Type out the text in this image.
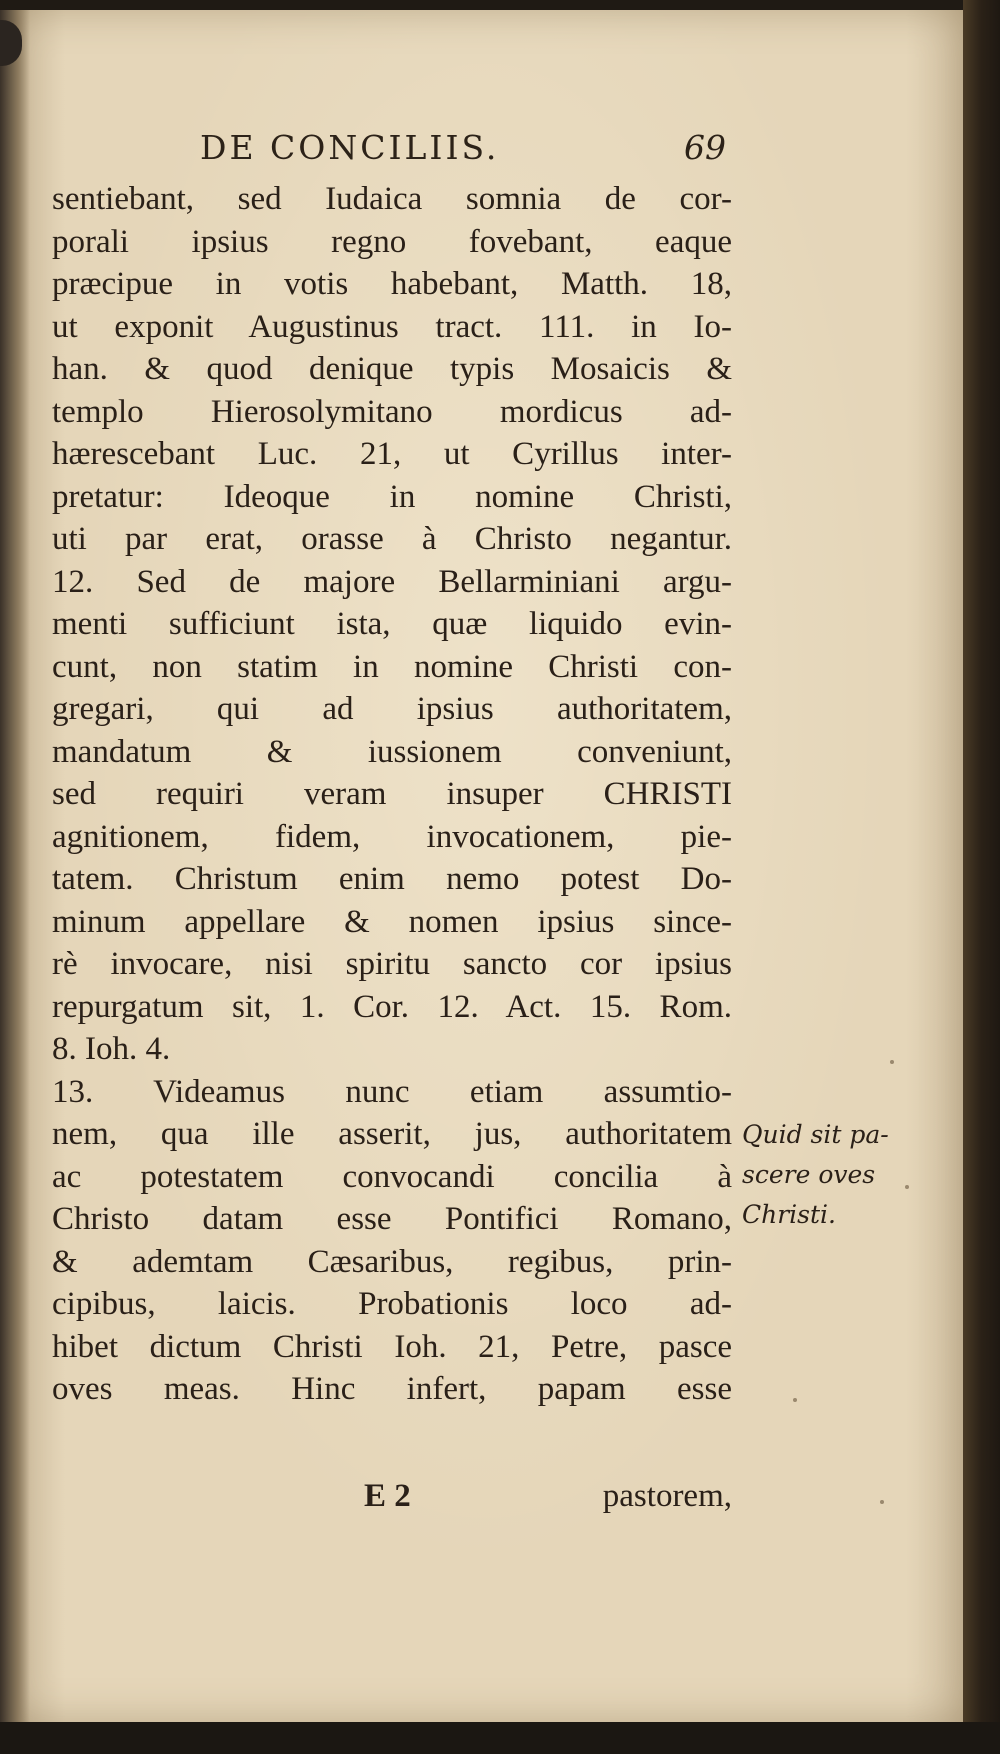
DE CONCILIIS.	69
sentiebant, sed Iudaica somnia de cor-
porali ipsius regno fovebant, eaque
præcipue in votis habebant, Matth. 18,
ut exponit Augustinus tract. 111. in Io-
han. & quod denique typis Mosaicis &
templo Hierosolymitano mordicus ad-
hærescebant Luc. 21, ut Cyrillus inter-
pretatur: Ideoque in nomine Christi,
uti par erat, orasse à Christo negantur.
12. Sed de majore Bellarminiani argu-
menti sufficiunt ista, quæ liquido evin-
cunt, non statim in nomine Christi con-
gregari, qui ad ipsius authoritatem,
mandatum & iussionem conveniunt,
sed requiri veram insuper CHRISTI
agnitionem, fidem, invocationem, pie-
tatem. Christum enim nemo potest Do-
minum appellare & nomen ipsius since-
rè invocare, nisi spiritu sancto cor ipsius
repurgatum sit, 1. Cor. 12. Act. 15. Rom.
8. Ioh. 4.
13. Videamus nunc etiam assumtio-
nem, qua ille asserit, jus, authoritatem
ac potestatem convocandi concilia à
Christo datam esse Pontifici Romano,
& ademtam Cæsaribus, regibus, prin-
cipibus, laicis. Probationis loco ad-
hibet dictum Christi Ioh. 21, Petre, pasce
oves meas. Hinc infert, papam esse
E 2	pastorem,
Quid sit pa-
scere oves
Christi.
